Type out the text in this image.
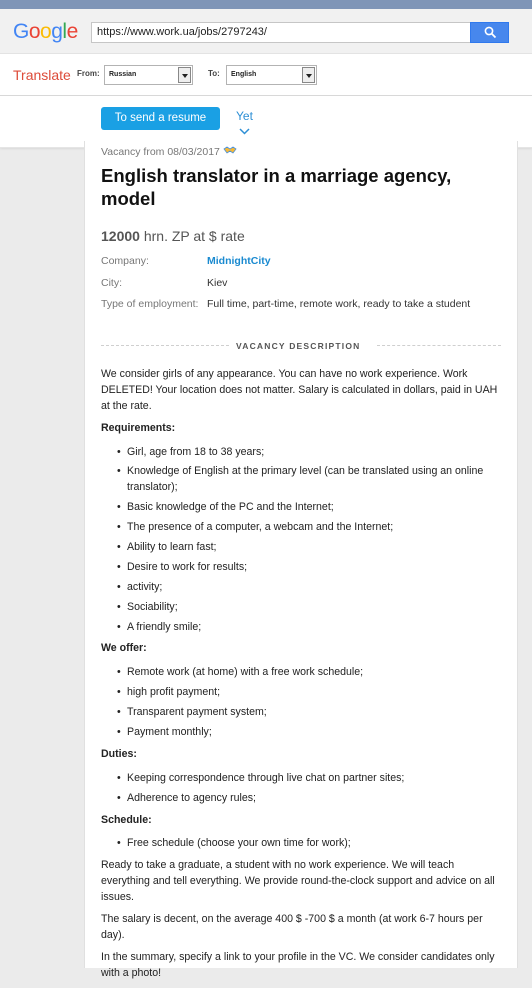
Google	https://www.work.ua/jobs/2797243/
Translate From:	Russian	To:	English
To send a resume	Yet
Vacancy from 08/03/2017
English translator in a marriage agency, model
12000 hrn. ZP at $ rate
Company:	MidnightCity
City:	Kiev
Type of employment: Full time, part-time, remote work, ready to take a student
VACANCY DESCRIPTION

We consider girls of any appearance. You can have no work experience. Work DELETED! Your location does not matter. Salary is calculated in dollars, paid in UAH at the rate.

Requirements:
• Girl, age from 18 to 38 years;
• Knowledge of English at the primary level (can be translated using an online translator);
• Basic knowledge of the PC and the Internet;
• The presence of a computer, a webcam and the Internet;
• Ability to learn fast;
• Desire to work for results;
• activity;
• Sociability;
• A friendly smile;
We offer:
• Remote work (at home) with a free work schedule;
• high profit payment;
• Transparent payment system;
• Payment monthly;
Duties:
• Keeping correspondence through live chat on partner sites;
• Adherence to agency rules;
Schedule:
• Free schedule (choose your own time for work);

Ready to take a graduate, a student with no work experience. We will teach everything and tell everything. We provide round-the-clock support and advice on all issues.

The salary is decent, on the average 400 $ -700 $ a month (at work 6-7 hours per day).

In the summary, specify a link to your profile in the VC. We consider candidates only with a photo!
